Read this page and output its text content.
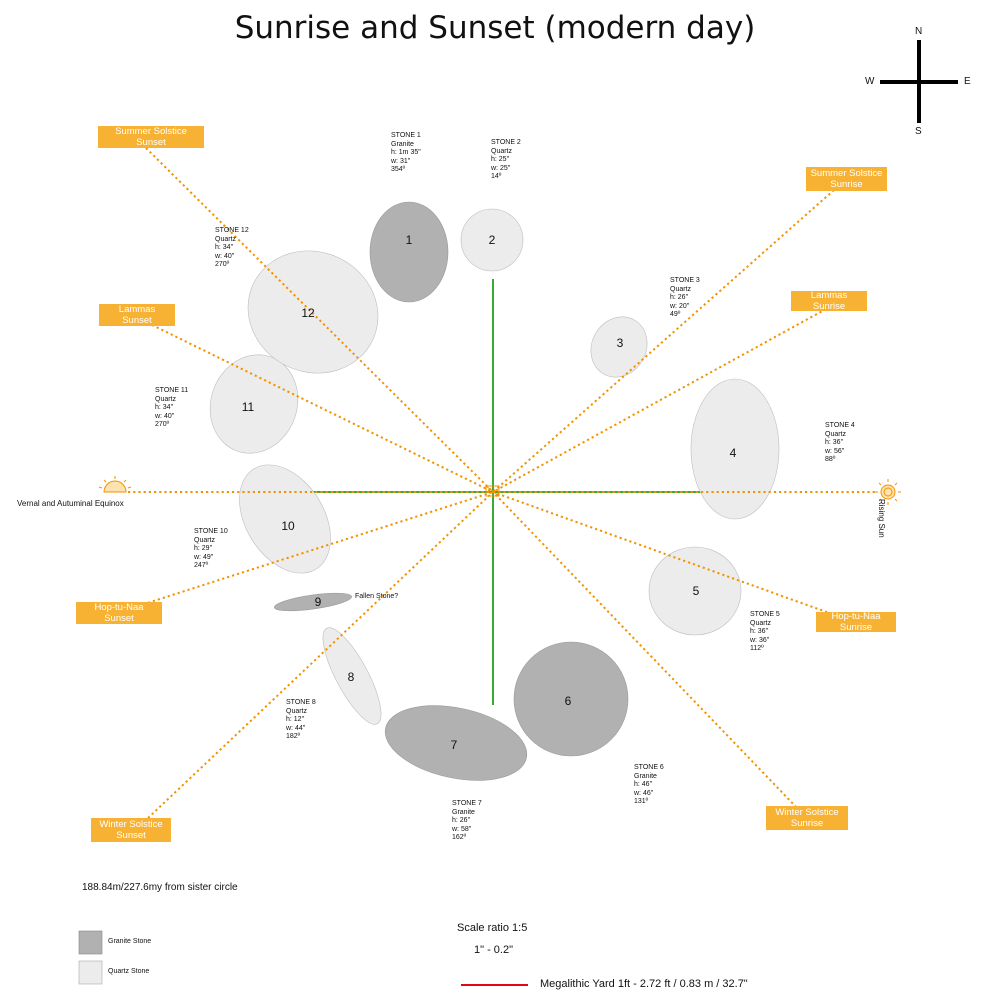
Sunrise and Sunset (modern day)	N
S
W	E
Summer Solstice Sunset
Summer Solstice Sunrise
Lammas Sunset
Lammas Sunrise
Hop-tu-Naa Sunset	Hop-tu-Naa Sunrise
Winter Solstice Sunset
Winter Solstice Sunrise
Vernal and Autuminal Equinox	Rising Sun
1	2
3
4
5
6
7
8
9
10
11
12
STONE 1
Granite
h: 1m 35"
w: 31"
354º
STONE 2
Quartz
h: 25"
w: 25"
14º
STONE 3
Quartz
h: 26"
w: 20"
49º
STONE 4
Quartz
h: 36"
w: 56"
88º
STONE 5
Quartz
h: 36"
w: 36"
112º
STONE 6
Granite
h: 46"
w: 46"
131º
STONE 7
Granite
h: 26"
w: 58"
162º
STONE 8
Quartz
h: 12"
w: 44"
182º
Fallen Stone?
STONE 10
Quartz
h: 29"
w: 49"
247º
STONE 11
Quartz
h: 34"
w: 40"
270º
STONE 12
Quartz
h: 34"
w: 40"
270º
188.84m/227.6my from sister circle
Granite Stone
Quartz Stone
Scale ratio 1:5
1" - 0.2"
Megalithic Yard 1ft - 2.72 ft / 0.83 m / 32.7"
